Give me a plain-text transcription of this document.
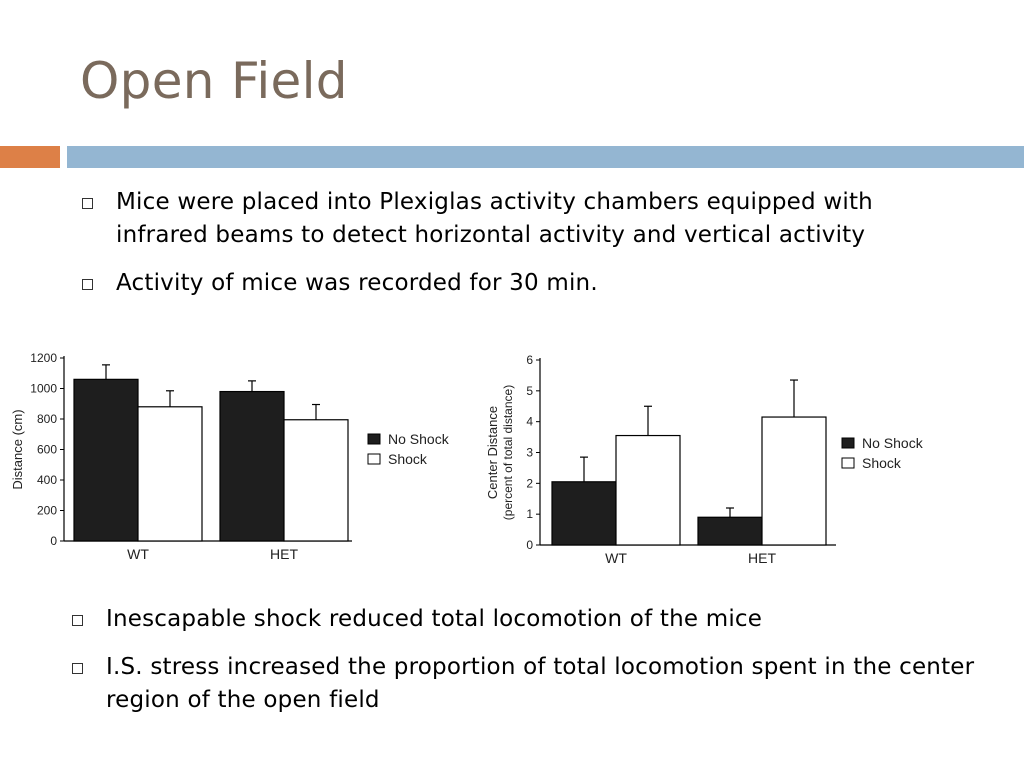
Open Field
Mice were placed into Plexiglas activity chambers equipped with infrared beams to detect horizontal activity and vertical activity
Activity of mice was recorded for 30 min.
0
200
400
600
800
1000
1200
WT	HET
Distance (cm)	No Shock
Shock
0
1
2
3
4
5
6
WT	HET
Center Distance (percent of total distance)	No Shock
Shock
Inescapable shock reduced total locomotion of the mice
I.S. stress increased the proportion of total locomotion spent in the center region of the open field
